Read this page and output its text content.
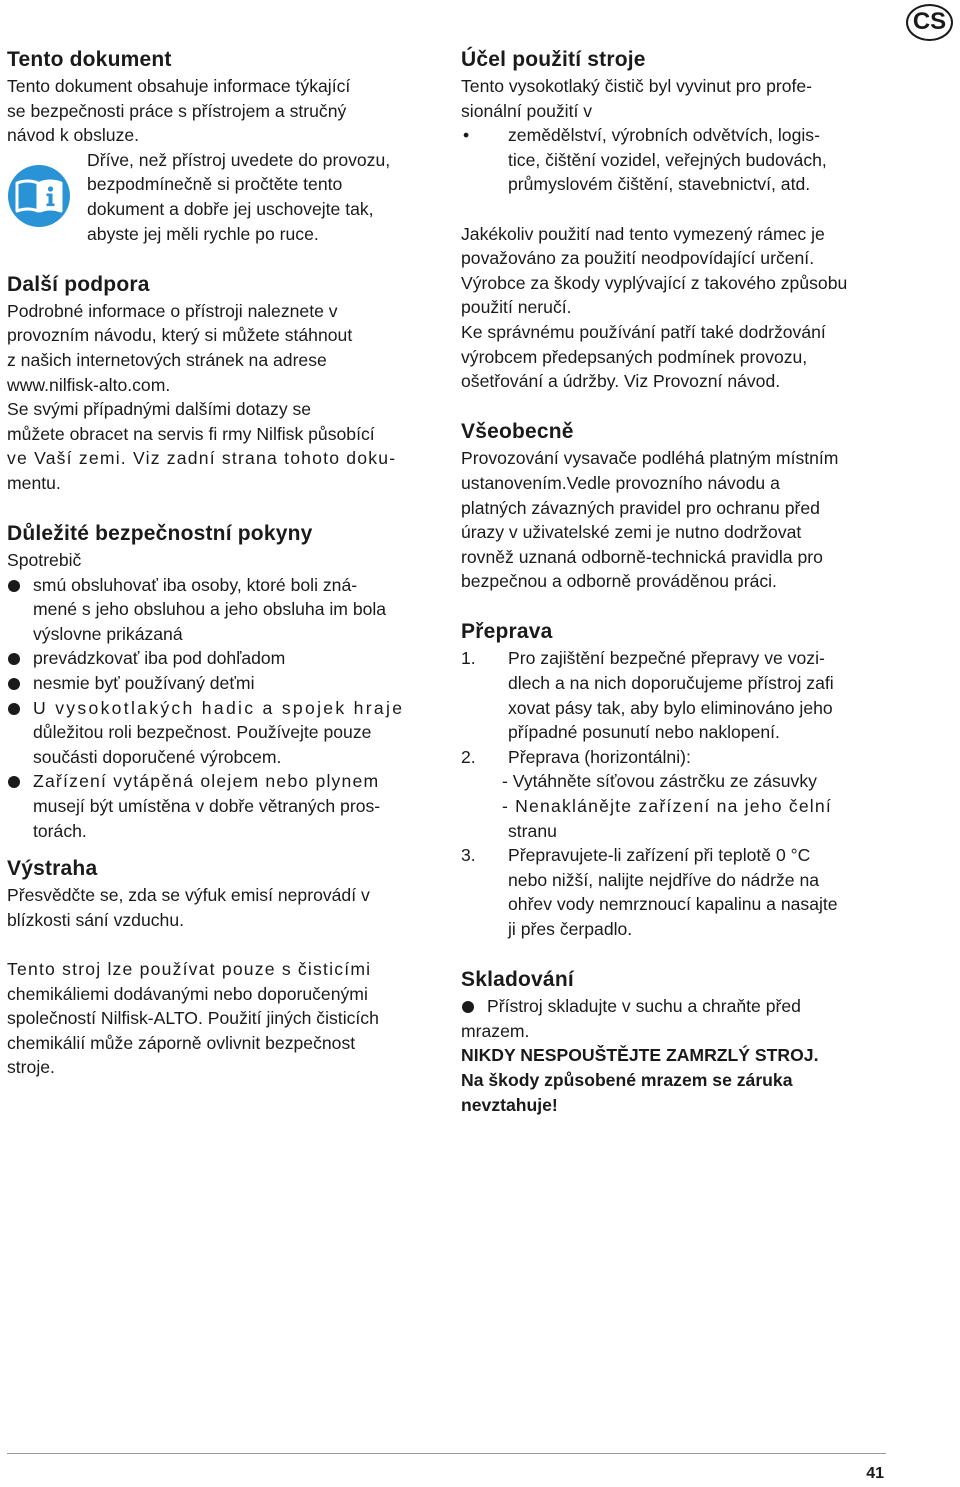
CS
Tento dokument

Tento dokument obsahuje informace týkající

se bezpečnosti práce s přístrojem a stručný

návod k obsluze.

Dříve, než přístroj uvedete do provozu,

bezpodmínečně si pročtěte tento

dokument a dobře jej uschovejte tak,

abyste jej měli rychle po ruce.

Další podpora

Podrobné informace o přístroji naleznete v

provozním návodu, který si můžete stáhnout

z našich internetových stránek na adrese

www.nilfisk-alto.com.

Se svými případnými dalšími dotazy se

můžete obracet na servis fi rmy Nilfisk působící

ve Vaší zemi. Viz zadní strana tohoto doku-

mentu.

Důležité bezpečnostní pokyny

Spotrebič

smú obsluhovať iba osoby, ktoré boli zná-
mené s jeho obsluhou a jeho obsluha im bola
výslovne prikázaná
prevádzkovať iba pod dohľadom
nesmie byť používaný deťmi
U vysokotlakých hadic a spojek hraje
důležitou roli bezpečnost. Používejte pouze
součásti doporučené výrobcem.
Zařízení vytápěná olejem nebo plynem
musejí být umístěna v dobře větraných pros-
torách.
Výstraha

Přesvědčte se, zda se výfuk emisí neprovádí v

blízkosti sání vzduchu.

Tento stroj lze používat pouze s čisticími

chemikáliemi dodávanými nebo doporučenými

společností Nilfisk-ALTO. Použití jiných čisticích

chemikálií může záporně ovlivnit bezpečnost

stroje.

Účel použití stroje

Tento vysokotlaký čistič byl vyvinut pro profe-

sionální použití v

• zemědělství, výrobních odvětvích, logis-
tice, čištění vozidel, veřejných budovách,
průmyslovém čištění, stavebnictví, atd.

Jakékoliv použití nad tento vymezený rámec je

považováno za použití neodpovídající určení.

Výrobce za škody vyplývající z takového způsobu

použití neručí.

Ke správnému používání patří také dodržování

výrobcem předepsaných podmínek provozu,

ošetřování a údržby. Viz Provozní návod.

Všeobecně

Provozování vysavače podléhá platným místním

ustanovením.Vedle provozního návodu a

platných závazných pravidel pro ochranu před

úrazy v uživatelské zemi je nutno dodržovat

rovněž uznaná odborně-technická pravidla pro

bezpečnou a odborně prováděnou práci.

Přeprava
1. Pro zajištění bezpečné přepravy ve vozi-
dlech a na nich doporučujeme přístroj zafi
xovat pásy tak, aby bylo eliminováno jeho
případné posunutí nebo naklopení.
2. Přeprava (horizontálni):
- Vytáhněte síťovou zástrčku ze zásuvky
- Nenaklánějte zařízení na jeho čelní
stranu
3. Přepravujete-li zařízení při teplotě 0 °C
nebo nižší, nalijte nejdříve do nádrže na
ohřev vody nemrznoucí kapalinu a nasajte
ji přes čerpadlo.
Skladování

Přístroj skladujte v suchu a chraňte před

mrazem.

NIKDY NESPOUŠTĚJTE ZAMRZLÝ STROJ.

Na škody způsobené mrazem se záruka

nevztahuje!

41
